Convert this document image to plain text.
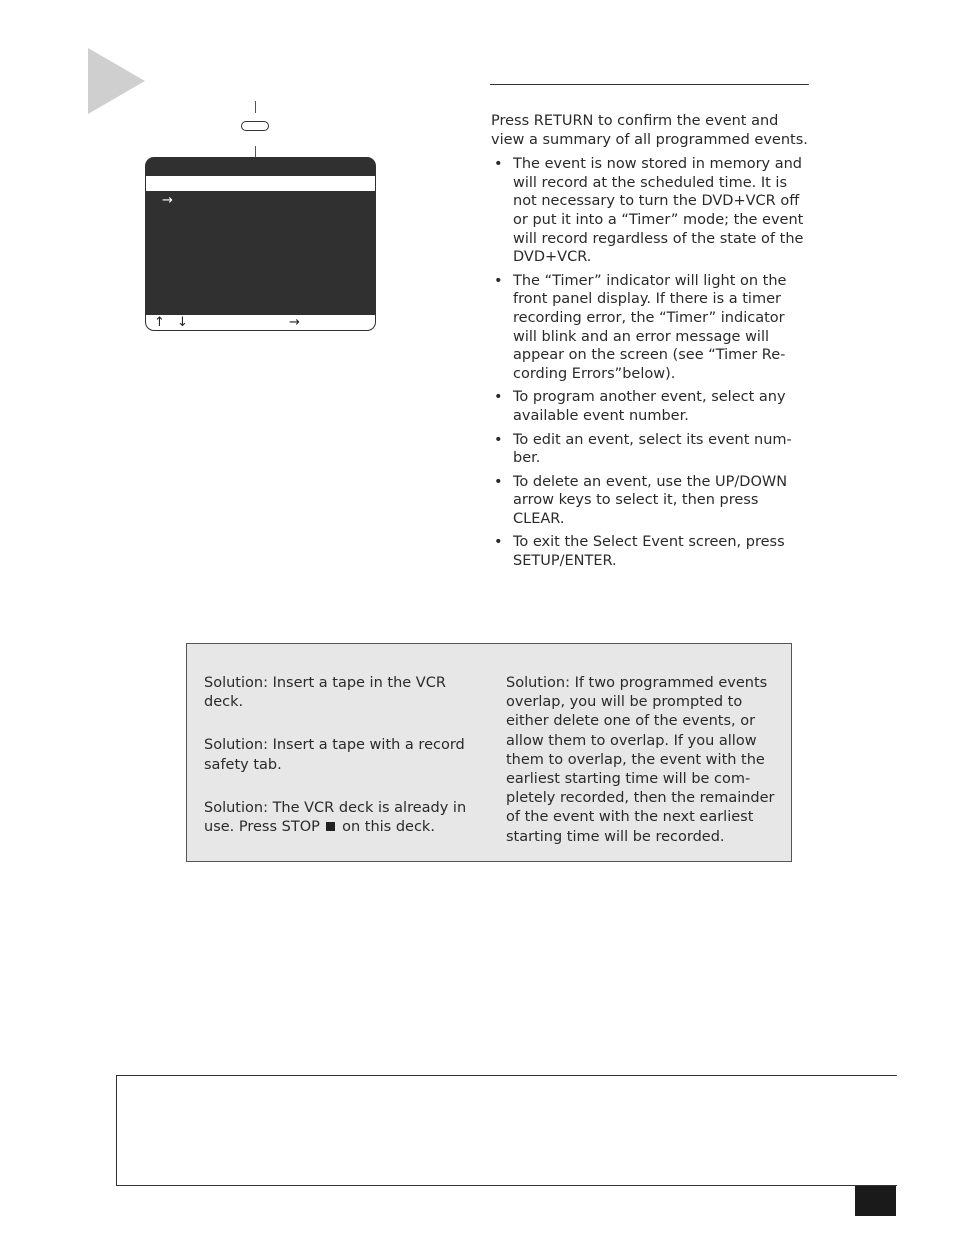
→
↑ ↓	→

Press RETURN to confirm the event and view a summary of all programmed events.

• The event is now stored in memory and will record at the scheduled time. It is not necessary to turn the DVD+VCR off or put it into a “Timer” mode; the event will record regardless of the state of the DVD+VCR.
• The “Timer” indicator will light on the front panel display. If there is a timer recording error, the “Timer” indicator will blink and an error message will appear on the screen (see “Timer Re-cording Errors”below).
• To program another event, select any available event number.
• To edit an event, select its event num-ber.
• To delete an event, use the UP/DOWN arrow keys to select it, then press CLEAR.
• To exit the Select Event screen, press SETUP/ENTER.

Solution: Insert a tape in the VCR deck.

Solution: Insert a tape with a record safety tab.

Solution: The VCR deck is already in use. Press STOP on this deck.

Solution: If two programmed events overlap, you will be prompted to either delete one of the events, or allow them to overlap. If you allow them to overlap, the event with the earliest starting time will be com-pletely recorded, then the remainder of the event with the next earliest starting time will be recorded.
